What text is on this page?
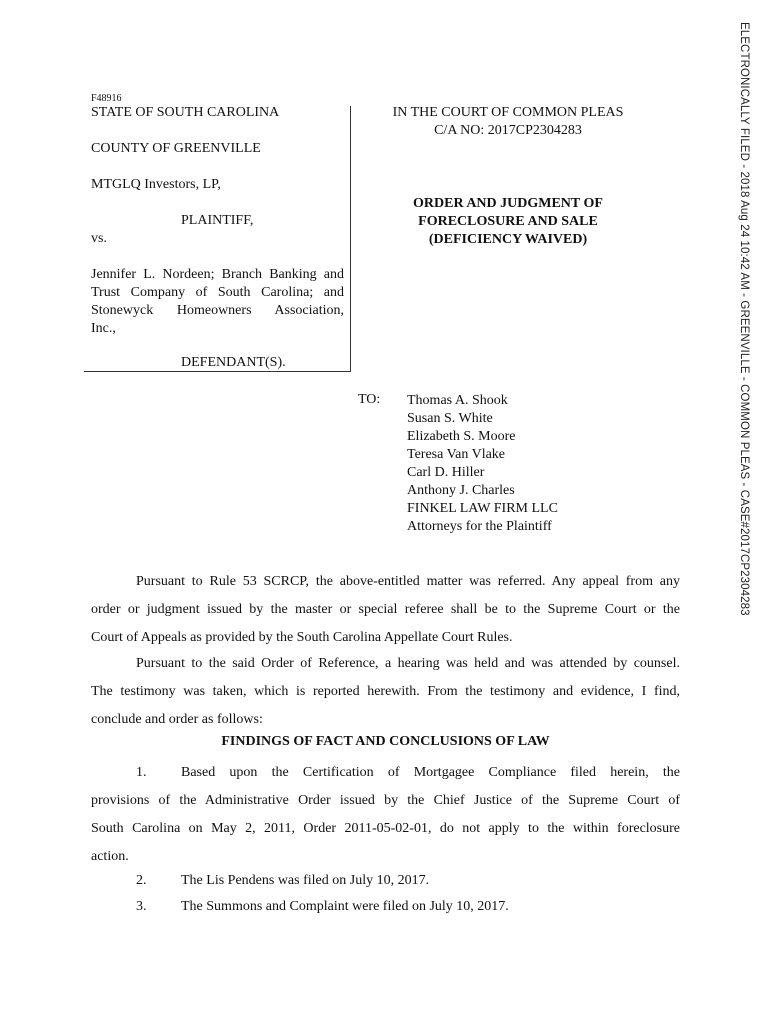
ELECTRONICALLY FILED - 2018 Aug 24 10:42 AM - GREENVILLE - COMMON PLEAS - CASE#2017CP2304283
F48916
STATE OF SOUTH CAROLINA
COUNTY OF GREENVILLE
MTGLQ Investors, LP,
PLAINTIFF,
vs.
Jennifer L. Nordeen; Branch Banking and
Trust Company of South Carolina; and
Stonewyck Homeowners Association,
Inc.,
DEFENDANT(S).
IN THE COURT OF COMMON PLEAS
C/A NO: 2017CP2304283
ORDER AND JUDGMENT OF
FORECLOSURE AND SALE
(DEFICIENCY WAIVED)
TO: Thomas A. Shook
Susan S. White
Elizabeth S. Moore
Teresa Van Vlake
Carl D. Hiller
Anthony J. Charles
FINKEL LAW FIRM LLC
Attorneys for the Plaintiff
Pursuant to Rule 53 SCRCP, the above-entitled matter was referred. Any appeal from any
order or judgment issued by the master or special referee shall be to the Supreme Court or the
Court of Appeals as provided by the South Carolina Appellate Court Rules.
Pursuant to the said Order of Reference, a hearing was held and was attended by counsel.
The testimony was taken, which is reported herewith. From the testimony and evidence, I find,
conclude and order as follows:
FINDINGS OF FACT AND CONCLUSIONS OF LAW
1.	Based upon the Certification of Mortgagee Compliance filed herein, the
provisions of the Administrative Order issued by the Chief Justice of the Supreme Court of
South Carolina on May 2, 2011, Order 2011-05-02-01, do not apply to the within foreclosure
action.
2. The Lis Pendens was filed on July 10, 2017.
3. The Summons and Complaint were filed on July 10, 2017.
